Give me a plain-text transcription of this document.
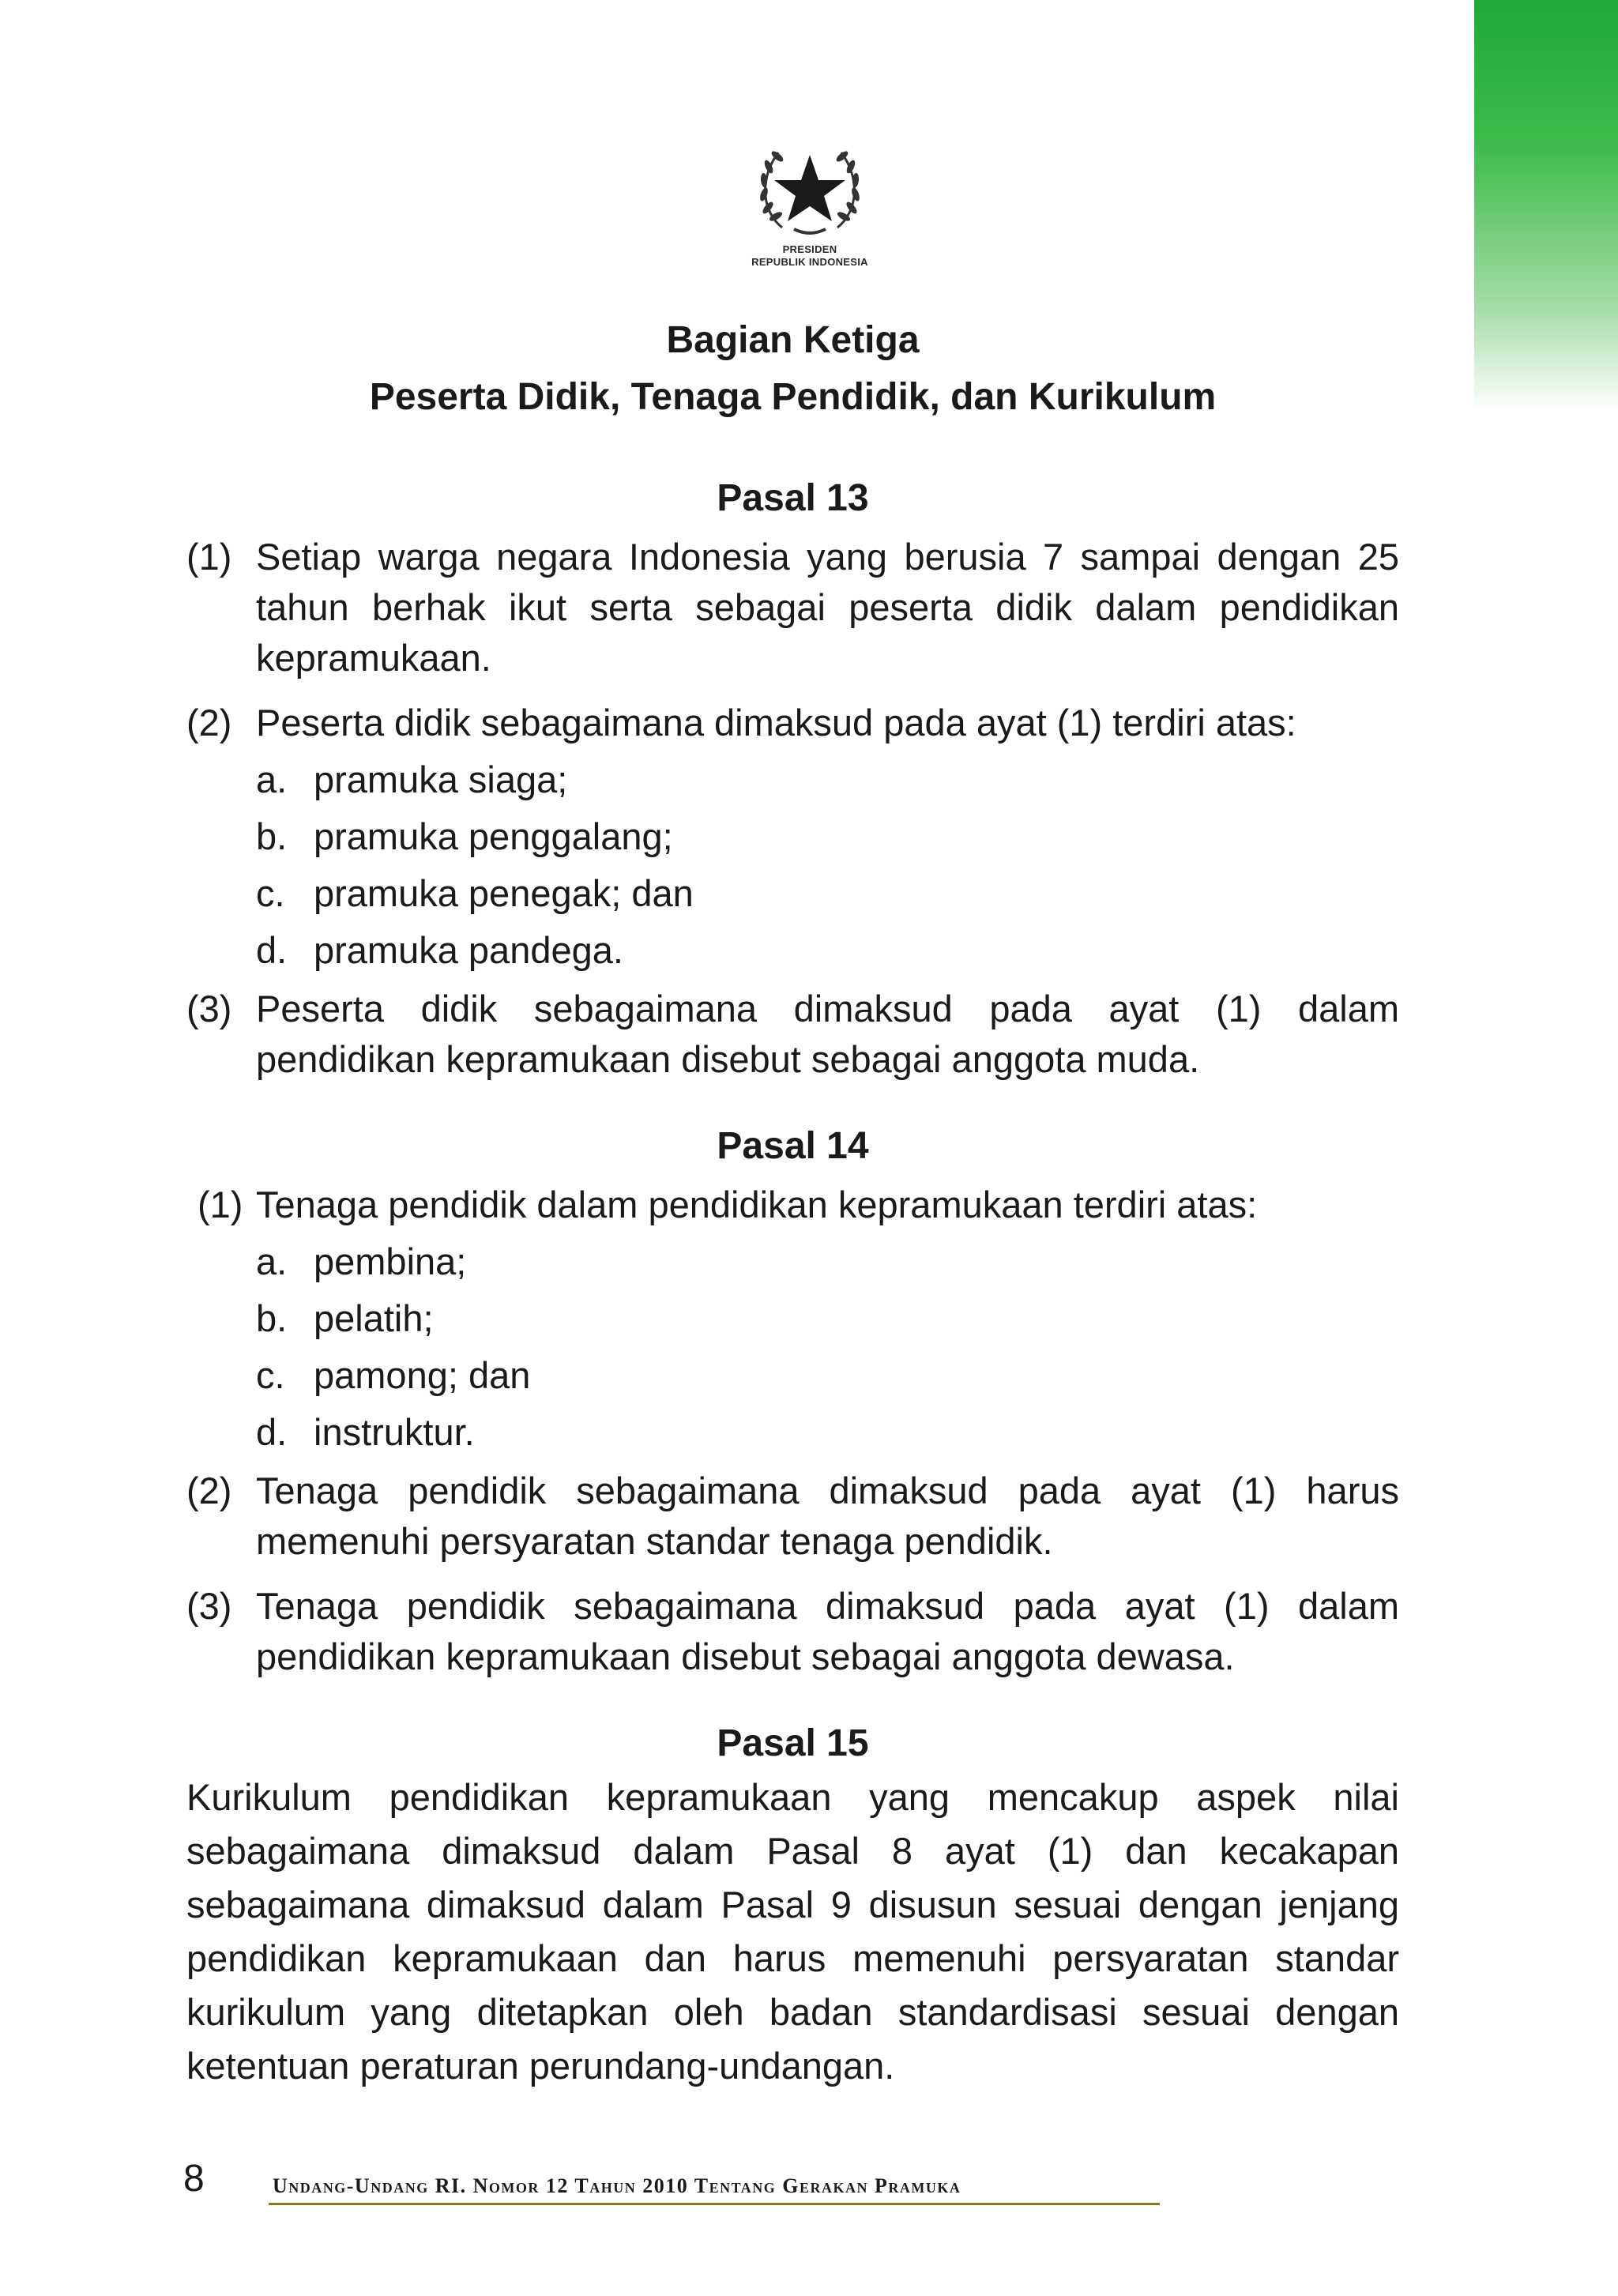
PRESIDEN
REPUBLIK INDONESIA
Bagian Ketiga
Peserta Didik, Tenaga Pendidik, dan Kurikulum
Pasal 13
(1) Setiap warga negara Indonesia yang berusia 7 sampai dengan 25 tahun berhak ikut serta sebagai peserta didik dalam pendidikan kepramukaan.
(2) Peserta didik sebagaimana dimaksud pada ayat (1) terdiri atas:
a. pramuka siaga;
b. pramuka penggalang;
c. pramuka penegak; dan
d. pramuka pandega.
(3) Peserta didik sebagaimana dimaksud pada ayat (1) dalam pendidikan kepramukaan disebut sebagai anggota muda.
Pasal 14
(1) Tenaga pendidik dalam pendidikan kepramukaan terdiri atas:
a. pembina;
b. pelatih;
c. pamong; dan
d. instruktur.
(2) Tenaga pendidik sebagaimana dimaksud pada ayat (1) harus memenuhi persyaratan standar tenaga pendidik.
(3) Tenaga pendidik sebagaimana dimaksud pada ayat (1) dalam pendidikan kepramukaan disebut sebagai anggota dewasa.
Pasal 15
Kurikulum pendidikan kepramukaan yang mencakup aspek nilai sebagaimana dimaksud dalam Pasal 8 ayat (1) dan kecakapan sebagaimana dimaksud dalam Pasal 9 disusun sesuai dengan jenjang pendidikan kepramukaan dan harus memenuhi persyaratan standar kurikulum yang ditetapkan oleh badan standardisasi sesuai dengan ketentuan peraturan perundang-undangan.
8	Undang-Undang RI. Nomor 12 Tahun 2010 Tentang Gerakan Pramuka
